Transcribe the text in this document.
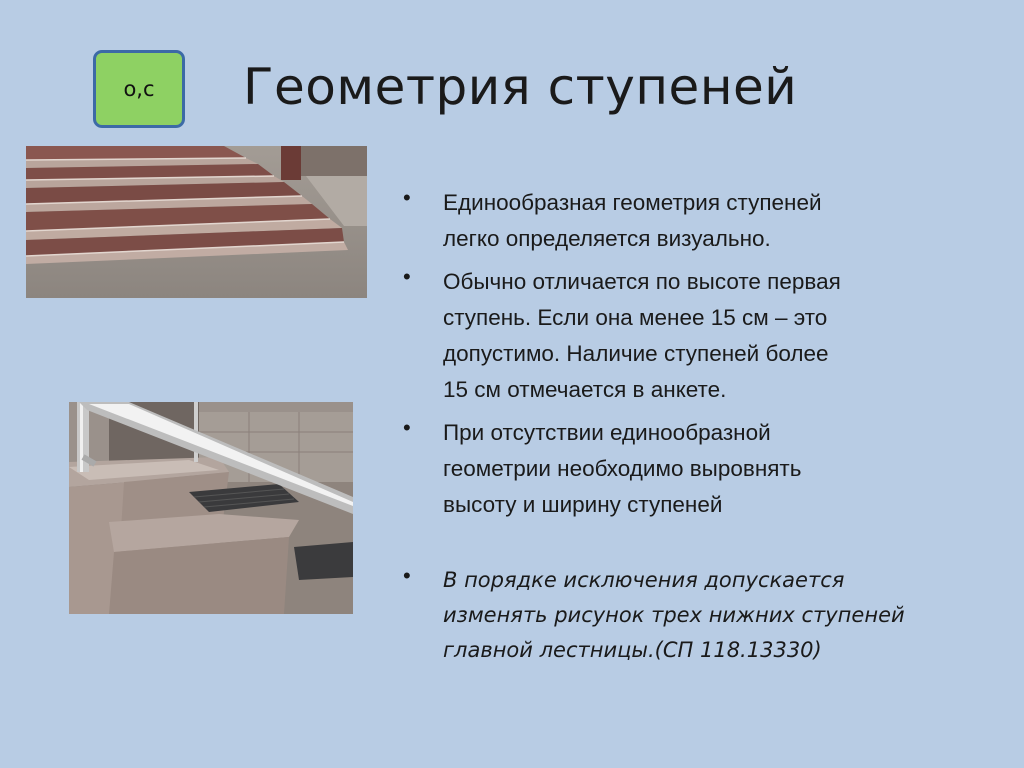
о,с Геометрия ступеней
• Единообразная геометрия ступеней
легко определяется визуально.
• Обычно отличается по высоте первая
ступень. Если она менее 15 см – это
допустимо. Наличие ступеней более
15 см отмечается в анкете.
• При отсутствии единообразной
геометрии необходимо выровнять
высоту и ширину ступеней
• В порядке исключения допускается
изменять рисунок трех нижних ступеней
главной лестницы.(СП 118.13330)
